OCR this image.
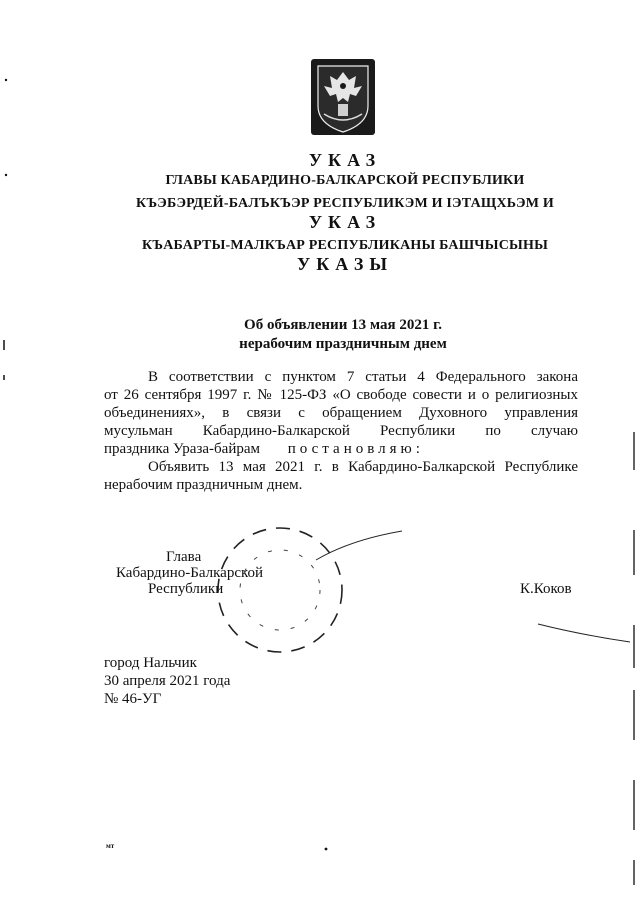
УКАЗ
ГЛАВЫ КАБАРДИНО-БАЛКАРСКОЙ РЕСПУБЛИКИ
КЪЭБЭРДЕЙ-БАЛЪКЪЭР РЕСПУБЛИКЭМ И ІЭТАЩХЬЭМ И
УКАЗ
КЪАБАРТЫ-МАЛКЪАР РЕСПУБЛИКАНЫ БАШЧЫСЫНЫ
УКАЗЫ
Об объявлении 13 мая 2021 г.
нерабочим праздничным днем
В соответствии с пунктом 7 статьи 4 Федерального закона
от 26 сентября 1997 г. № 125-ФЗ «О свободе совести и о религиозных
объединениях», в связи с обращением Духовного управления
мусульман Кабардино-Балкарской Республики по случаю
праздника Ураза-байрам постановляю:
Объявить 13 мая 2021 г. в Кабардино-Балкарской Республике
нерабочим праздничным днем.
Глава
Кабардино-Балкарской
Республики	К.Коков
город Нальчик
30 апреля 2021 года
№ 46-УГ
мт
